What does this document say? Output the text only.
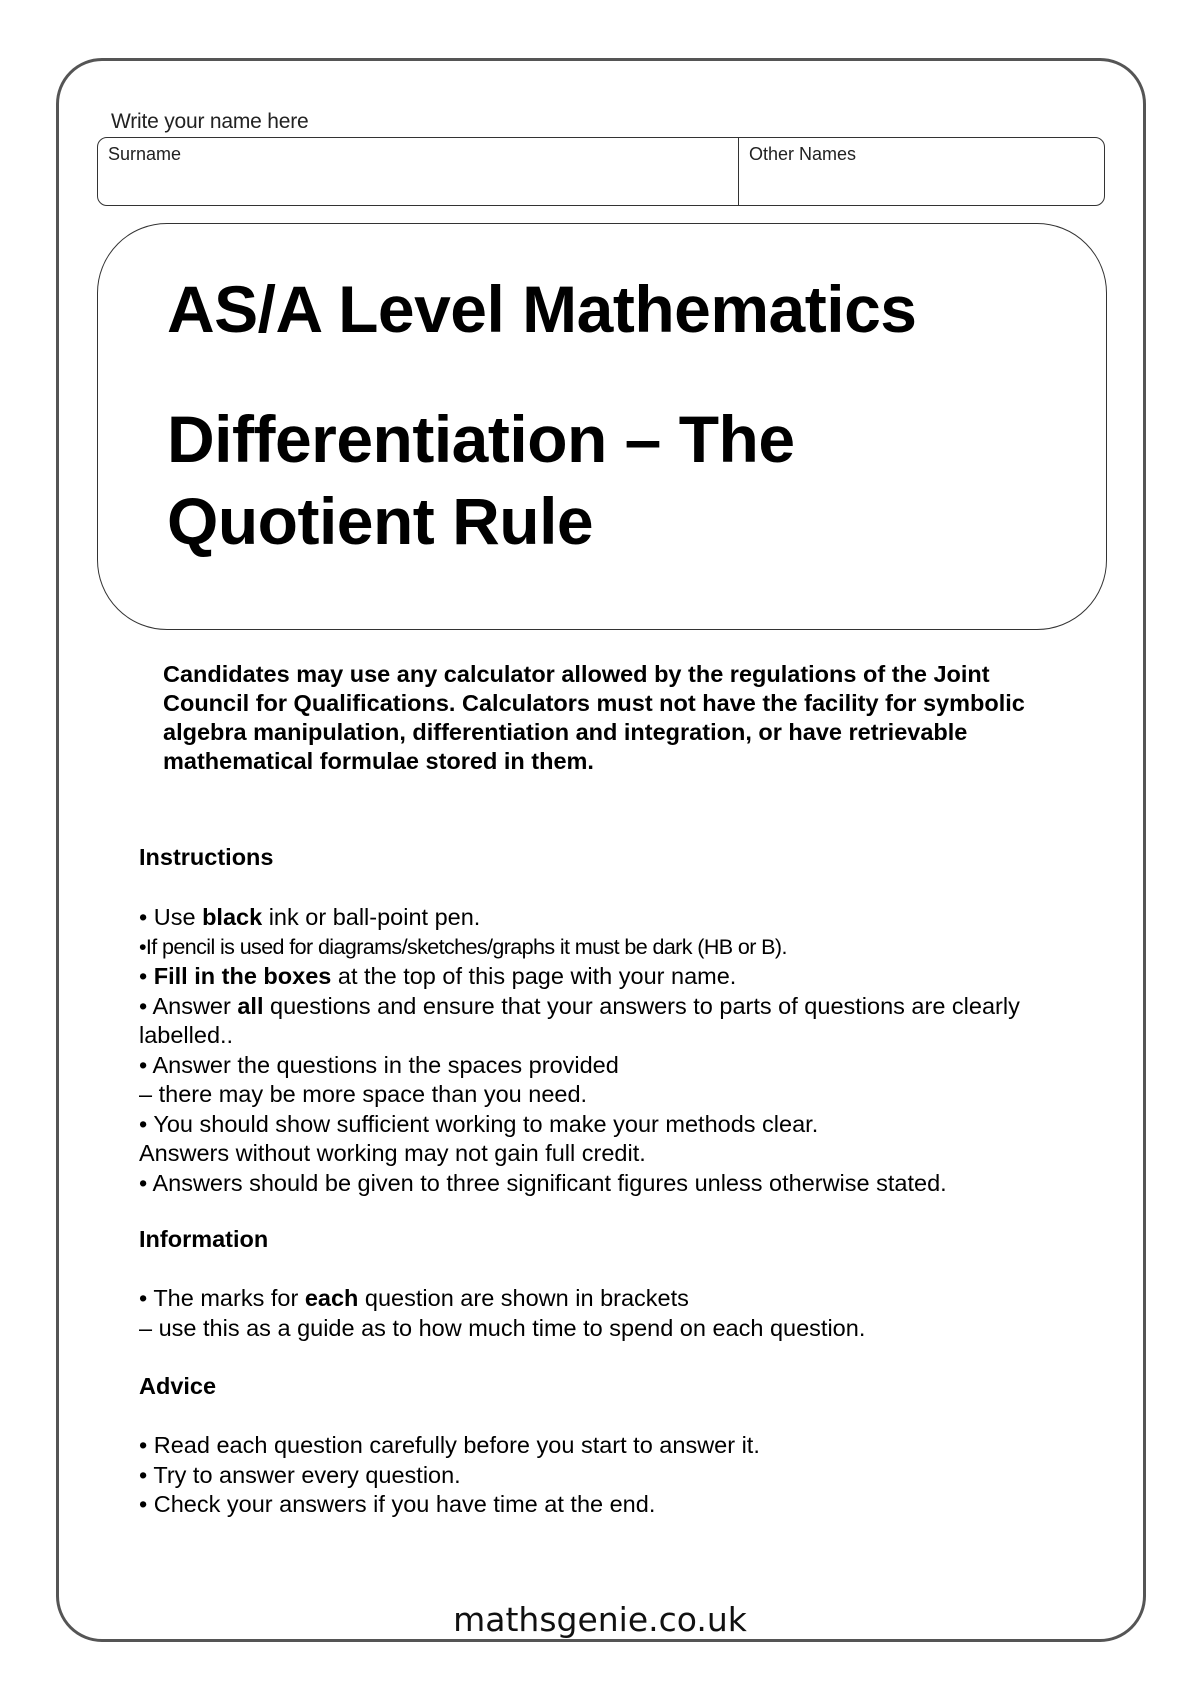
Write your name here
Surname	Other Names
AS/A Level Mathematics
Differentiation – The Quotient Rule

Candidates may use any calculator allowed by the regulations of the Joint Council for Qualifications. Calculators must not have the facility for symbolic algebra manipulation, differentiation and integration, or have retrievable mathematical formulae stored in them.

Instructions

• Use black ink or ball-point pen.
•If pencil is used for diagrams/sketches/graphs it must be dark (HB or B).
• Fill in the boxes at the top of this page with your name.
• Answer all questions and ensure that your answers to parts of questions are clearly labelled..
• Answer the questions in the spaces provided
– there may be more space than you need.
• You should show sufficient working to make your methods clear.
Answers without working may not gain full credit.
• Answers should be given to three significant figures unless otherwise stated.

Information

• The marks for each question are shown in brackets
– use this as a guide as to how much time to spend on each question.

Advice

• Read each question carefully before you start to answer it.
• Try to answer every question.
• Check your answers if you have time at the end.
mathsgenie.co.uk
